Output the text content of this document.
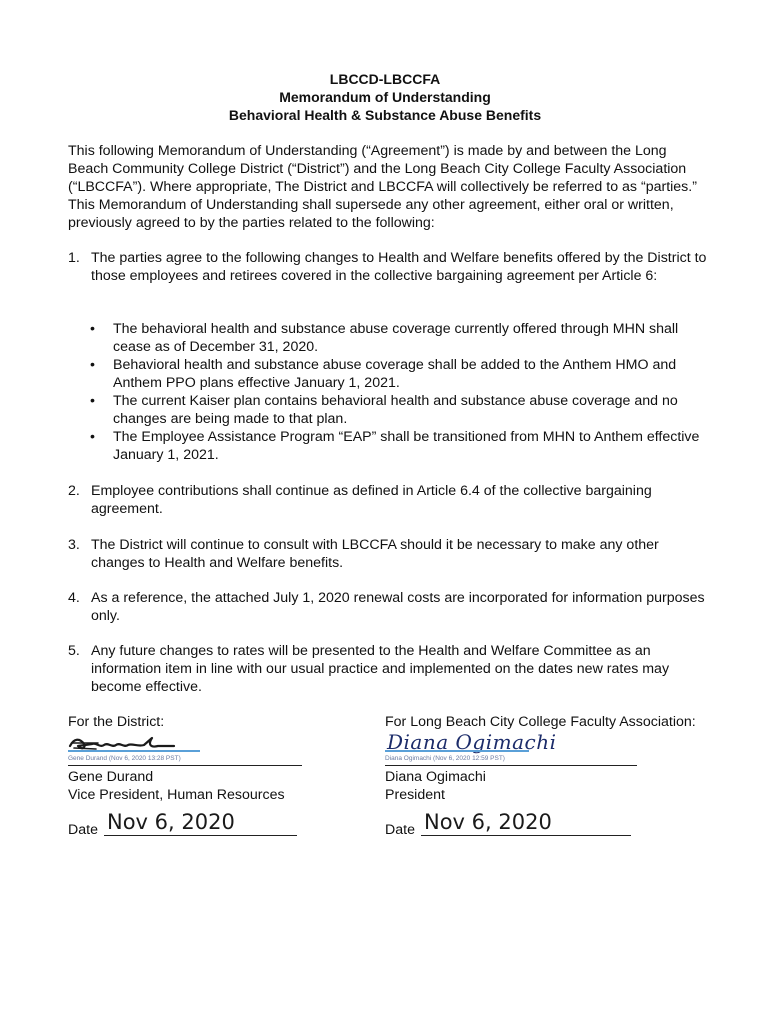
LBCCD-LBCCFA
Memorandum of Understanding
Behavioral Health & Substance Abuse Benefits
This following Memorandum of Understanding (“Agreement”) is made by and between the Long Beach Community College District (“District”) and the Long Beach City College Faculty Association (“LBCCFA”). Where appropriate, The District and LBCCFA will collectively be referred to as “parties.” This Memorandum of Understanding shall supersede any other agreement, either oral or written, previously agreed to by the parties related to the following:
1. The parties agree to the following changes to Health and Welfare benefits offered by the District to those employees and retirees covered in the collective bargaining agreement per Article 6:
• The behavioral health and substance abuse coverage currently offered through MHN shall cease as of December 31, 2020.
• Behavioral health and substance abuse coverage shall be added to the Anthem HMO and Anthem PPO plans effective January 1, 2021.
• The current Kaiser plan contains behavioral health and substance abuse coverage and no changes are being made to that plan.
• The Employee Assistance Program “EAP” shall be transitioned from MHN to Anthem effective January 1, 2021.
2. Employee contributions shall continue as defined in Article 6.4 of the collective bargaining agreement.
3. The District will continue to consult with LBCCFA should it be necessary to make any other changes to Health and Welfare benefits.
4. As a reference, the attached July 1, 2020 renewal costs are incorporated for information purposes only.
5. Any future changes to rates will be presented to the Health and Welfare Committee as an information item in line with our usual practice and implemented on the dates new rates may become effective.
For the District:
Gene Durand (Nov 6, 2020 13:28 PST)
Gene Durand
Vice President, Human Resources
Date Nov 6, 2020
For Long Beach City College Faculty Association:
Diana Ogimachi
Diana Ogimachi (Nov 6, 2020 12:59 PST)
Diana Ogimachi
President
Date Nov 6, 2020
